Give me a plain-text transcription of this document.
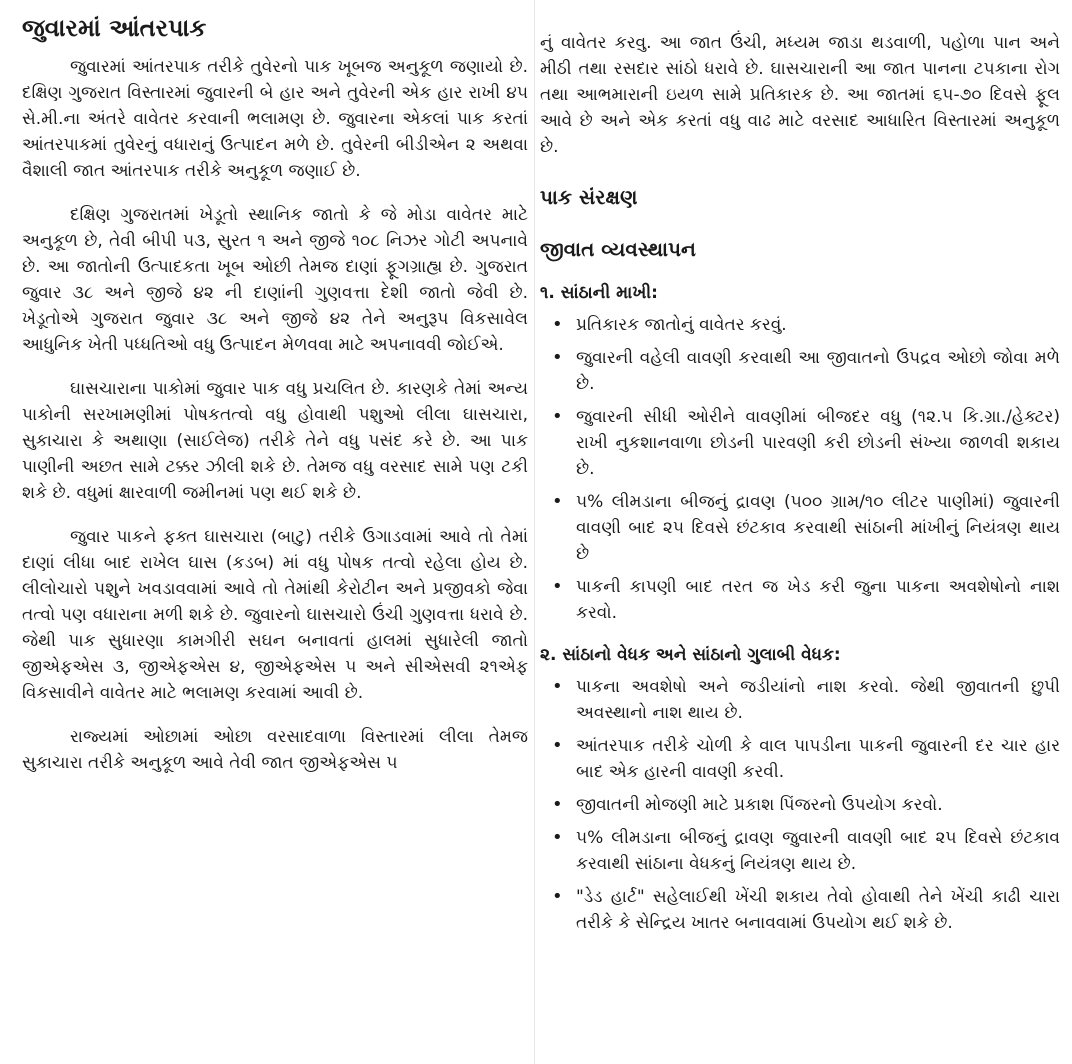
જુવારમાં આંતરપાક

જુવારમાં આંતરપાક તરીકે તુવેરનો પાક ખૂબજ અનુકૂળ જણાયો છે. દક્ષિણ ગુજરાત વિસ્તારમાં જુવારની બે હાર અને તુવેરની એક હાર રાખી ૪૫ સે.મી.ના અંતરે વાવેતર કરવાની ભલામણ છે. જુવારના એકલાં પાક કરતાં આંતરપાકમાં તુવેરનું વધારાનું ઉત્પાદન મળે છે. તુવેરની બીડીએન ૨ અથવા વૈશાલી જાત આંતરપાક તરીકે અનુકૂળ જણાઈ છે.

દક્ષિણ ગુજરાતમાં ખેડૂતો સ્થાનિક જાતો કે જે મોડા વાવેતર માટે અનુકૂળ છે, તેવી બીપી ૫૩, સુરત ૧ અને જીજે ૧૦૮ નિઝર ગોટી અપનાવે છે. આ જાતોની ઉત્પાદકતા ખૂબ ઓછી તેમજ દાણાં ફૂગગ્રાહ્ય છે. ગુજરાત જુવાર ૩૮ અને જીજે ૪૨ ની દાણાંની ગુણવત્તા દેશી જાતો જેવી છે. ખેડૂતોએ ગુજરાત જુવાર ૩૮ અને જીજે ૪૨ તેને અનુરૂપ વિકસાવેલ આધુનિક ખેતી પધ્ધતિઓ વધુ ઉત્પાદન મેળવવા માટે અપનાવવી જોઈએ.

ઘાસચારાના પાકોમાં જુવાર પાક વધુ પ્રચલિત છે. કારણકે તેમાં અન્ય પાકોની સરખામણીમાં પોષકતત્વો વધુ હોવાથી પશુઓ લીલા ઘાસચારા, સુકાચારા કે અથાણા (સાઈલેજ) તરીકે તેને વધુ પસંદ કરે છે. આ પાક પાણીની અછત સામે ટક્કર ઝીલી શકે છે. તેમજ વધુ વરસાદ સામે પણ ટકી શકે છે. વધુમાં ક્ષારવાળી જમીનમાં પણ થઈ શકે છે.

જુવાર પાકને ફક્ત ઘાસચારા (બાટુ) તરીકે ઉગાડવામાં આવે તો તેમાં દાણાં લીધા બાદ રાખેલ ઘાસ (કડબ) માં વધુ પોષક તત્વો રહેલા હોય છે. લીલોચારો પશુને ખવડાવવામાં આવે તો તેમાંથી કેરોટીન અને પ્રજીવકો જેવા તત્વો પણ વધારાના મળી શકે છે. જુવારનો ઘાસચારો ઉંચી ગુણવત્તા ધરાવે છે. જેથી પાક સુધારણા કામગીરી સઘન બનાવતાં હાલમાં સુધારેલી જાતો જીએફએસ ૩, જીએફએસ ૪, જીએફએસ ૫ અને સીએસવી ૨૧એફ વિકસાવીને વાવેતર માટે ભલામણ કરવામાં આવી છે.

રાજ્યમાં ઓછામાં ઓછા વરસાદવાળા વિસ્તારમાં લીલા તેમજ સુકાચારા તરીકે અનુકૂળ આવે તેવી જાત જીએફએસ ૫

નું વાવેતર કરવુ. આ જાત ઉંચી, મધ્યમ જાડા થડવાળી, પહોળા પાન અને મીઠી તથા રસદાર સાંઠો ધરાવે છે. ઘાસચારાની આ જાત પાનના ટપકાના રોગ તથા આભમારાની ઇયળ સામે પ્રતિકારક છે. આ જાતમાં ૬૫-૭૦ દિવસે ફૂલ આવે છે અને એક કરતાં વધુ વાઢ માટે વરસાદ આધારિત વિસ્તારમાં અનુકૂળ છે.

પાક સંરક્ષણ
જીવાત વ્યવસ્થાપન
૧. સાંઠાની માખી:
• પ્રતિકારક જાતોનું વાવેતર કરવું.
• જુવારની વહેલી વાવણી કરવાથી આ જીવાતનો ઉપદ્રવ ઓછો જોવા મળે છે.
• જુવારની સીધી ઓરીને વાવણીમાં બીજદર વધુ (૧૨.૫ કિ.ગ્રા./હેક્ટર) રાખી નુકશાનવાળા છોડની પારવણી કરી છોડની સંખ્યા જાળવી શકાય છે.
• ૫% લીમડાના બીજનું દ્રાવણ (૫૦૦ ગ્રામ/૧૦ લીટર પાણીમાં) જુવારની વાવણી બાદ ૨૫ દિવસે છંટકાવ કરવાથી સાંઠાની માંખીનું નિયંત્રણ થાય છે
• પાકની કાપણી બાદ તરત જ ખેડ કરી જુના પાકના અવશેષોનો નાશ કરવો.
૨. સાંઠાનો વેધક અને સાંઠાનો ગુલાબી વેધક:
• પાકના અવશેષો અને જડીયાંનો નાશ કરવો. જેથી જીવાતની છુપી અવસ્થાનો નાશ થાય છે.
• આંતરપાક તરીકે ચોળી કે વાલ પાપડીના પાકની જુવારની દર ચાર હાર બાદ એક હારની વાવણી કરવી.
• જીવાતની મોજણી માટે પ્રકાશ પિંજરનો ઉપયોગ કરવો.
• ૫% લીમડાના બીજનું દ્રાવણ જુવારની વાવણી બાદ ૨૫ દિવસે છંટકાવ કરવાથી સાંઠાના વેધકનું નિયંત્રણ થાય છે.
• "ડેડ હાર્ટ" સહેલાઈથી ખેંચી શકાય તેવો હોવાથી તેને ખેંચી કાઢી ચારા તરીકે કે સેન્દ્રિય ખાતર બનાવવામાં ઉપયોગ થઈ શકે છે.
